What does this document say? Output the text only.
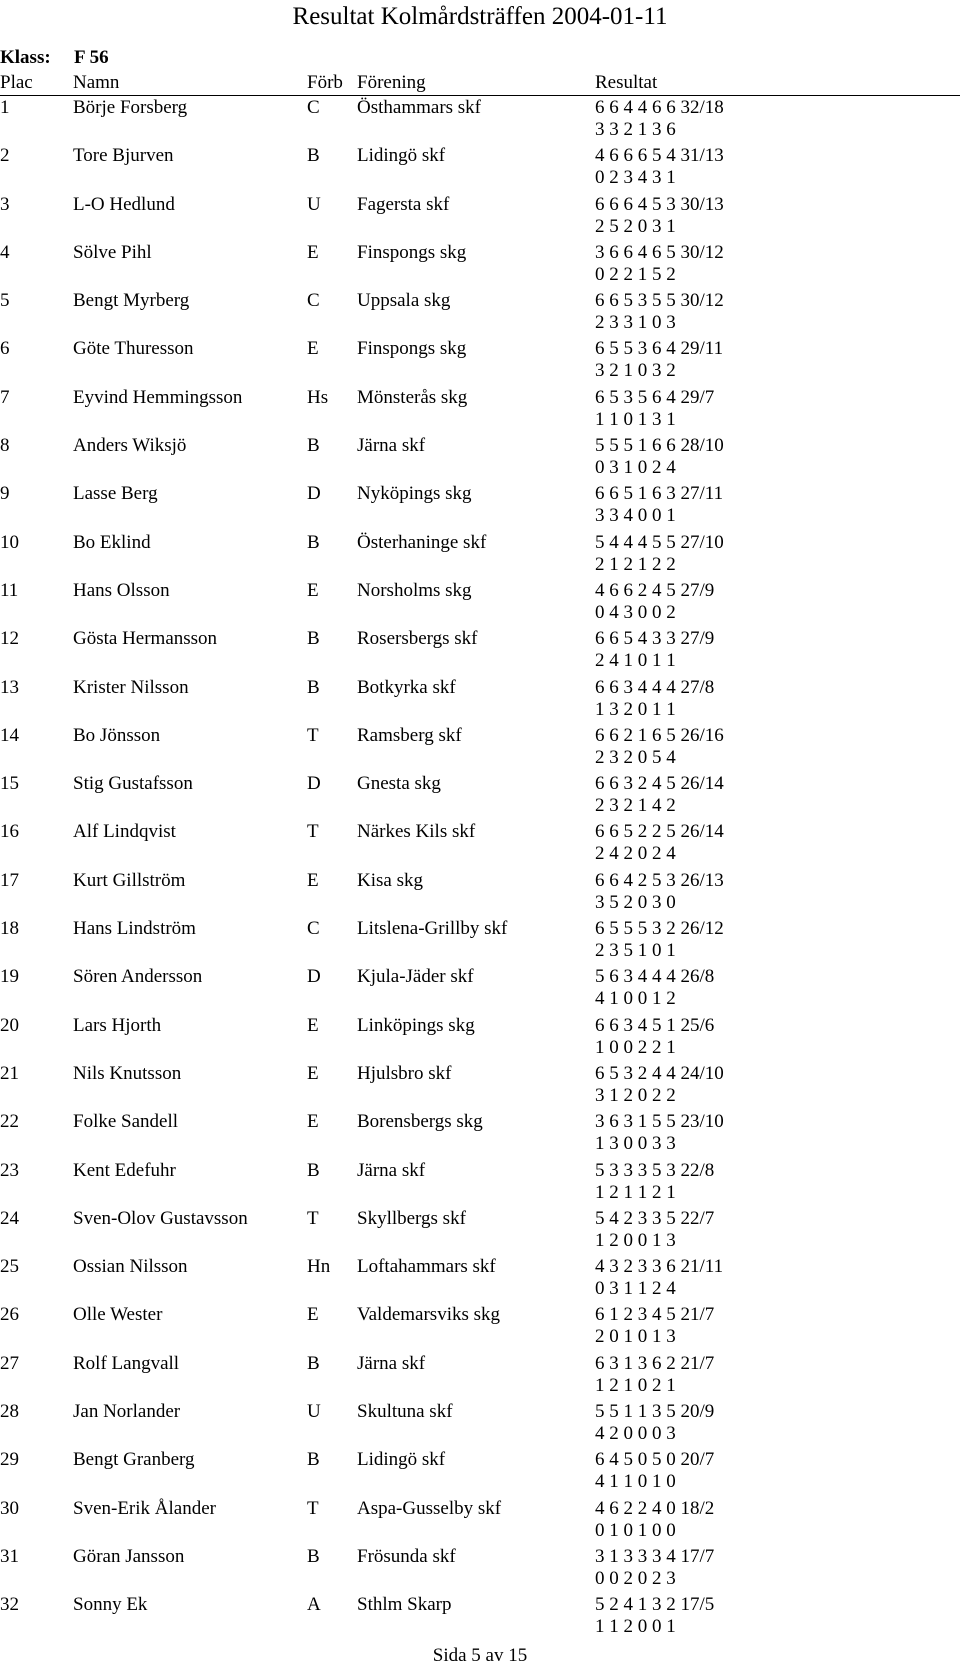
Resultat Kolmårdsträffen 2004-01-11
Klass: F 56
Plac Namn	Förb Förening	Resultat
1	Börje Forsberg	C Östhammars skf	6 6 4 4 6 6 32/18
3 3 2 1 3 6
2	Tore Bjurven	B Lidingö skf	4 6 6 6 5 4 31/13
0 2 3 4 3 1
3	L-O Hedlund	U Fagersta skf	6 6 6 4 5 3 30/13
2 5 2 0 3 1
4	Sölve Pihl	E Finspongs skg	3 6 6 4 6 5 30/12
0 2 2 1 5 2
5	Bengt Myrberg	C Uppsala skg	6 6 5 3 5 5 30/12
2 3 3 1 0 3
6	Göte Thuresson	E Finspongs skg	6 5 5 3 6 4 29/11
3 2 1 0 3 2
7	Eyvind Hemmingsson	Hs Mönsterås skg	6 5 3 5 6 4 29/7
1 1 0 1 3 1
8	Anders Wiksjö	B Järna skf	5 5 5 1 6 6 28/10
0 3 1 0 2 4
9	Lasse Berg	D Nyköpings skg	6 6 5 1 6 3 27/11
3 3 4 0 0 1
10	Bo Eklind	B Österhaninge skf	5 4 4 4 5 5 27/10
2 1 2 1 2 2
11	Hans Olsson	E Norsholms skg	4 6 6 2 4 5 27/9
0 4 3 0 0 2
12	Gösta Hermansson	B Rosersbergs skf	6 6 5 4 3 3 27/9
2 4 1 0 1 1
13	Krister Nilsson	B Botkyrka skf	6 6 3 4 4 4 27/8
1 3 2 0 1 1
14	Bo Jönsson	T Ramsberg skf	6 6 2 1 6 5 26/16
2 3 2 0 5 4
15	Stig Gustafsson	D Gnesta skg	6 6 3 2 4 5 26/14
2 3 2 1 4 2
16	Alf Lindqvist	T Närkes Kils skf	6 6 5 2 2 5 26/14
2 4 2 0 2 4
17	Kurt Gillström	E Kisa skg	6 6 4 2 5 3 26/13
3 5 2 0 3 0
18	Hans Lindström	C Litslena-Grillby skf	6 5 5 5 3 2 26/12
2 3 5 1 0 1
19	Sören Andersson	D Kjula-Jäder skf	5 6 3 4 4 4 26/8
4 1 0 0 1 2
20	Lars Hjorth	E Linköpings skg	6 6 3 4 5 1 25/6
1 0 0 2 2 1
21	Nils Knutsson	E Hjulsbro skf	6 5 3 2 4 4 24/10
3 1 2 0 2 2
22	Folke Sandell	E Borensbergs skg	3 6 3 1 5 5 23/10
1 3 0 0 3 3
23	Kent Edefuhr	B Järna skf	5 3 3 3 5 3 22/8
1 2 1 1 2 1
24	Sven-Olov Gustavsson	T Skyllbergs skf	5 4 2 3 3 5 22/7
1 2 0 0 1 3
25	Ossian Nilsson	Hn Loftahammars skf	4 3 2 3 3 6 21/11
0 3 1 1 2 4
26	Olle Wester	E Valdemarsviks skg	6 1 2 3 4 5 21/7
2 0 1 0 1 3
27	Rolf Langvall	B Järna skf	6 3 1 3 6 2 21/7
1 2 1 0 2 1
28	Jan Norlander	U Skultuna skf	5 5 1 1 3 5 20/9
4 2 0 0 0 3
29	Bengt Granberg	B Lidingö skf	6 4 5 0 5 0 20/7
4 1 1 0 1 0
30	Sven-Erik Ålander	T Aspa-Gusselby skf	4 6 2 2 4 0 18/2
0 1 0 1 0 0
31	Göran Jansson	B Frösunda skf	3 1 3 3 3 4 17/7
0 0 2 0 2 3
32	Sonny Ek	A Sthlm Skarp	5 2 4 1 3 2 17/5
1 1 2 0 0 1
Sida 5 av 15
